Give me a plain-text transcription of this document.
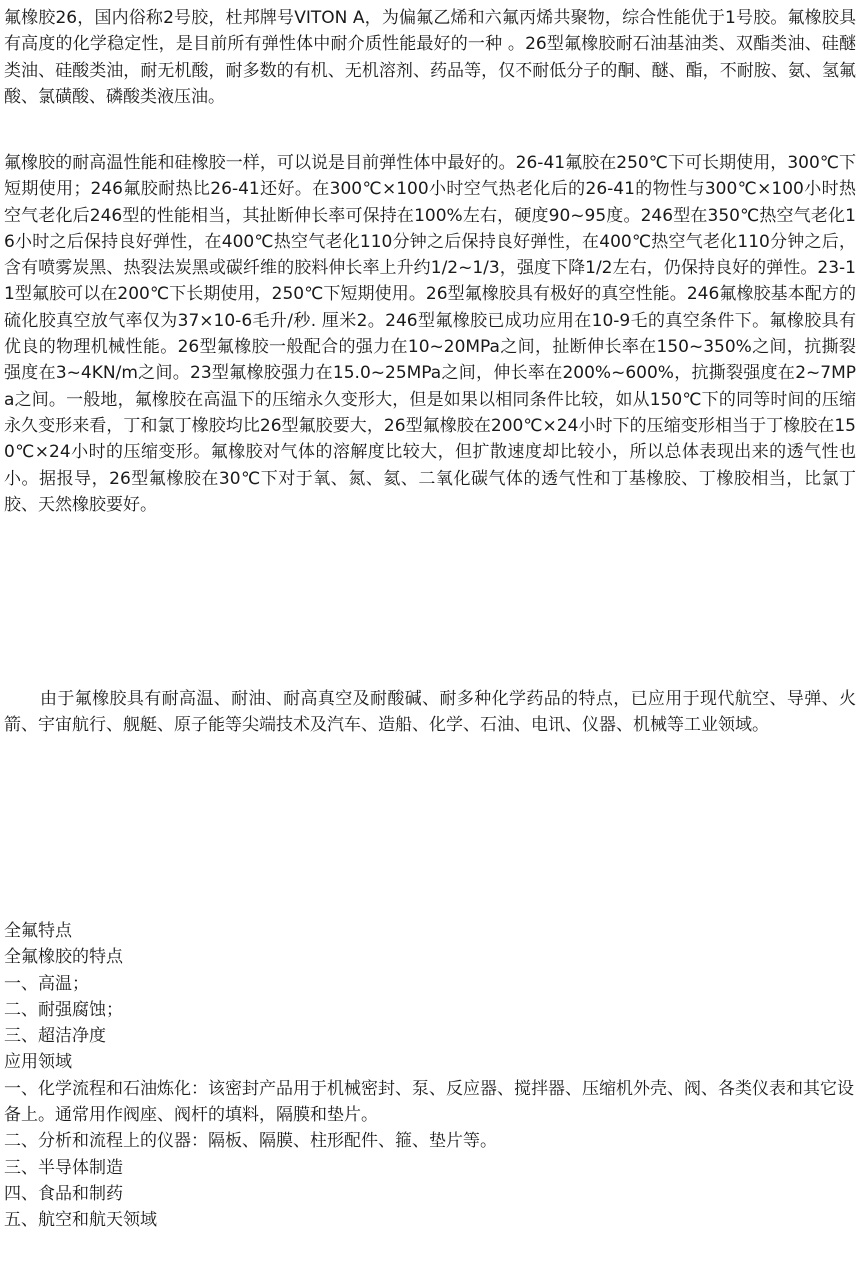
氟橡胶26，国内俗称2号胶，杜邦牌号VITON A，为偏氟乙烯和六氟丙烯共聚物，综合性能优于1号胶。氟橡胶具有高度的化学稳定性，是目前所有弹性体中耐介质性能最好的一种 。26型氟橡胶耐石油基油类、双酯类油、硅醚类油、硅酸类油，耐无机酸，耐多数的有机、无机溶剂、药品等，仅不耐低分子的酮、醚、酯，不耐胺、氨、氢氟酸、氯磺酸、磷酸类液压油。

氟橡胶的耐高温性能和硅橡胶一样，可以说是目前弹性体中最好的。26-41氟胶在250℃下可长期使用，300℃下短期使用；246氟胶耐热比26-41还好。在300℃×100小时空气热老化后的26-41的物性与300℃×100小时热空气老化后246型的性能相当，其扯断伸长率可保持在100%左右，硬度90~95度。246型在350℃热空气老化16小时之后保持良好弹性，在400℃热空气老化110分钟之后保持良好弹性，在400℃热空气老化110分钟之后，含有喷雾炭黑、热裂法炭黑或碳纤维的胶料伸长率上升约1/2~1/3，强度下降1/2左右，仍保持良好的弹性。23-11型氟胶可以在200℃下长期使用，250℃下短期使用。26型氟橡胶具有极好的真空性能。246氟橡胶基本配方的硫化胶真空放气率仅为37×10-6毛升/秒. 厘米2。246型氟橡胶已成功应用在10-9乇的真空条件下。氟橡胶具有优良的物理机械性能。26型氟橡胶一般配合的强力在10~20MPa之间，扯断伸长率在150~350%之间，抗撕裂强度在3~4KN/m之间。23型氟橡胶强力在15.0~25MPa之间，伸长率在200%~600%，抗撕裂强度在2~7MPa之间。一般地，氟橡胶在高温下的压缩永久变形大，但是如果以相同条件比较，如从150℃下的同等时间的压缩永久变形来看，丁和氯丁橡胶均比26型氟胶要大，26型氟橡胶在200℃×24小时下的压缩变形相当于丁橡胶在150℃×24小时的压缩变形。氟橡胶对气体的溶解度比较大，但扩散速度却比较小，所以总体表现出来的透气性也小。据报导，26型氟橡胶在30℃下对于氧、氮、氦、二氧化碳气体的透气性和丁基橡胶、丁橡胶相当，比氯丁胶、天然橡胶要好。

由于氟橡胶具有耐高温、耐油、耐高真空及耐酸碱、耐多种化学药品的特点，已应用于现代航空、导弹、火箭、宇宙航行、舰艇、原子能等尖端技术及汽车、造船、化学、石油、电讯、仪器、机械等工业领域。

全氟特点
全氟橡胶的特点
一、高温；
二、耐强腐蚀；
三、超洁净度
应用领域
一、化学流程和石油炼化：该密封产品用于机械密封、泵、反应器、搅拌器、压缩机外壳、阀、各类仪表和其它设备上。通常用作阀座、阀杆的填料，隔膜和垫片。
二、分析和流程上的仪器：隔板、隔膜、柱形配件、箍、垫片等。
三、半导体制造
四、食品和制药
五、航空和航天领域
